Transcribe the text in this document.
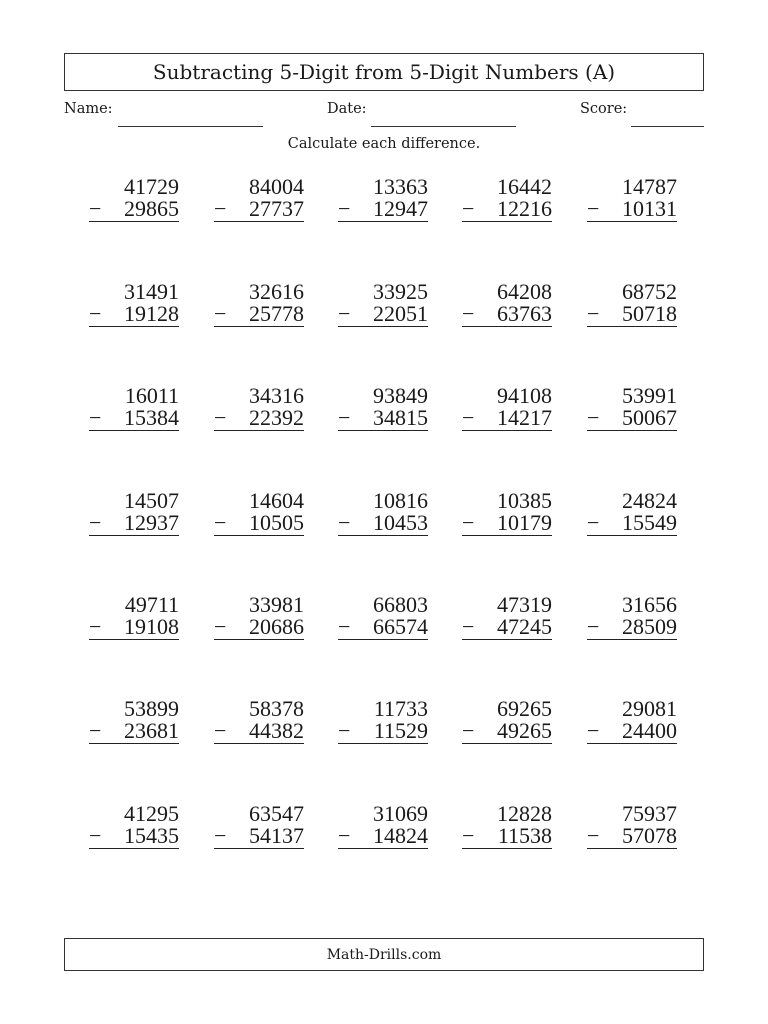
Subtracting 5-Digit from 5-Digit Numbers (A)
Name:	Date:	Score:
Calculate each difference.
41729
− 29865
84004
− 27737
13363
− 12947
16442
− 12216
14787
− 10131
31491
− 19128
32616
− 25778
33925
− 22051
64208
− 63763
68752
− 50718
16011
− 15384
34316
− 22392
93849
− 34815
94108
− 14217
53991
− 50067
14507
− 12937
14604
− 10505
10816
− 10453
10385
− 10179
24824
− 15549
49711
− 19108
33981
− 20686
66803
− 66574
47319
− 47245
31656
− 28509
53899
− 23681
58378
− 44382
11733
− 11529
69265
− 49265
29081
− 24400
41295
− 15435
63547
− 54137
31069
− 14824
12828
− 11538
75937
− 57078
Math-Drills.com
